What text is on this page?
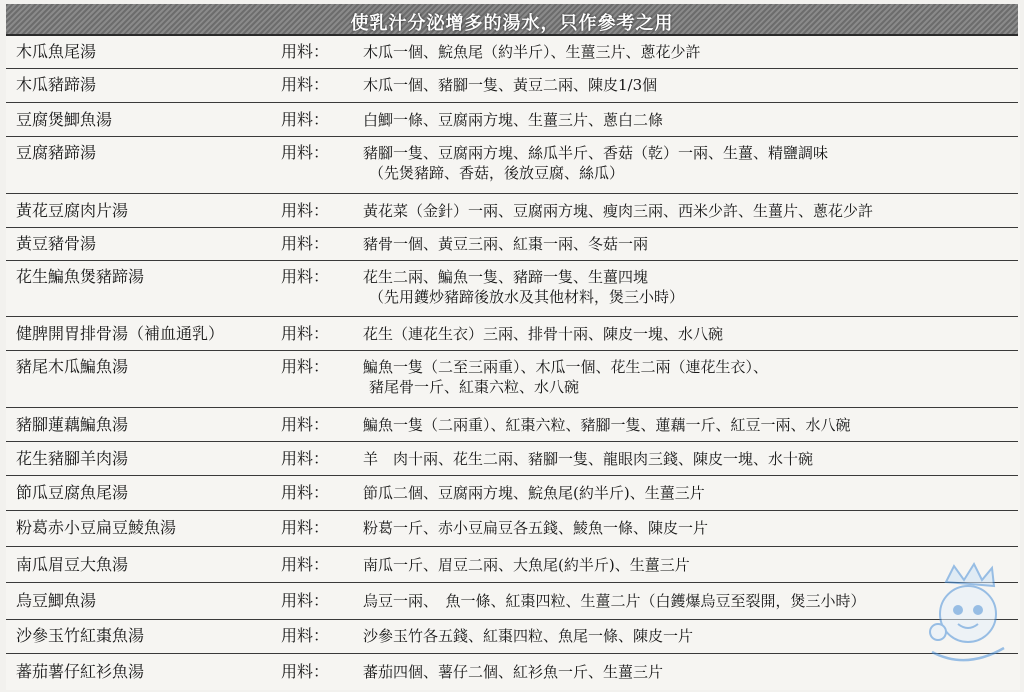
使乳汁分泌增多的湯水，只作參考之用
木瓜魚尾湯	用料：	木瓜一個、鯇魚尾（約半斤）、生薑三片、蔥花少許
木瓜豬蹄湯	用料：	木瓜一個、豬腳一隻、黃豆二兩、陳皮1/3個
豆腐煲鯽魚湯	用料：	白鯽一條、豆腐兩方塊、生薑三片、蔥白二條
豆腐豬蹄湯	用料：	豬腳一隻、豆腐兩方塊、絲瓜半斤、香菇（乾）一兩、生薑、精鹽調味
（先煲豬蹄、香菇，後放豆腐、絲瓜）

黃花豆腐肉片湯	用料：	黃花菜（金針）一兩、豆腐兩方塊、瘦肉三兩、西米少許、生薑片、蔥花少許
黃豆豬骨湯	用料：	豬骨一個、黃豆三兩、紅棗一兩、冬菇一兩
花生鯿魚煲豬蹄湯	用料：	花生二兩、鯿魚一隻、豬蹄一隻、生薑四塊
（先用鑊炒豬蹄後放水及其他材料，煲三小時）

健脾開胃排骨湯（補血通乳）	用料：	花生（連花生衣）三兩、排骨十兩、陳皮一塊、水八碗
豬尾木瓜鯿魚湯	用料：	鯿魚一隻（二至三兩重）、木瓜一個、花生二兩（連花生衣）、
豬尾骨一斤、紅棗六粒、水八碗

豬腳蓮藕鯿魚湯	用料：	鯿魚一隻（二兩重）、紅棗六粒、豬腳一隻、蓮藕一斤、紅豆一兩、水八碗
花生豬腳羊肉湯	用料：	羊　肉十兩、花生二兩、豬腳一隻、龍眼肉三錢、陳皮一塊、水十碗
節瓜豆腐魚尾湯	用料：	節瓜二個、豆腐兩方塊、鯇魚尾(約半斤)、生薑三片
粉葛赤小豆扁豆鯪魚湯	用料：	粉葛一斤、赤小豆扁豆各五錢、鯪魚一條、陳皮一片
南瓜眉豆大魚湯	用料：	南瓜一斤、眉豆二兩、大魚尾(約半斤)、生薑三片
烏豆鯽魚湯	用料：	烏豆一兩、　魚一條、紅棗四粒、生薑二片（白鑊爆烏豆至裂開，煲三小時）
沙參玉竹紅棗魚湯	用料：	沙參玉竹各五錢、紅棗四粒、魚尾一條、陳皮一片
蕃茄薯仔紅衫魚湯	用料：	蕃茄四個、薯仔二個、紅衫魚一斤、生薑三片
